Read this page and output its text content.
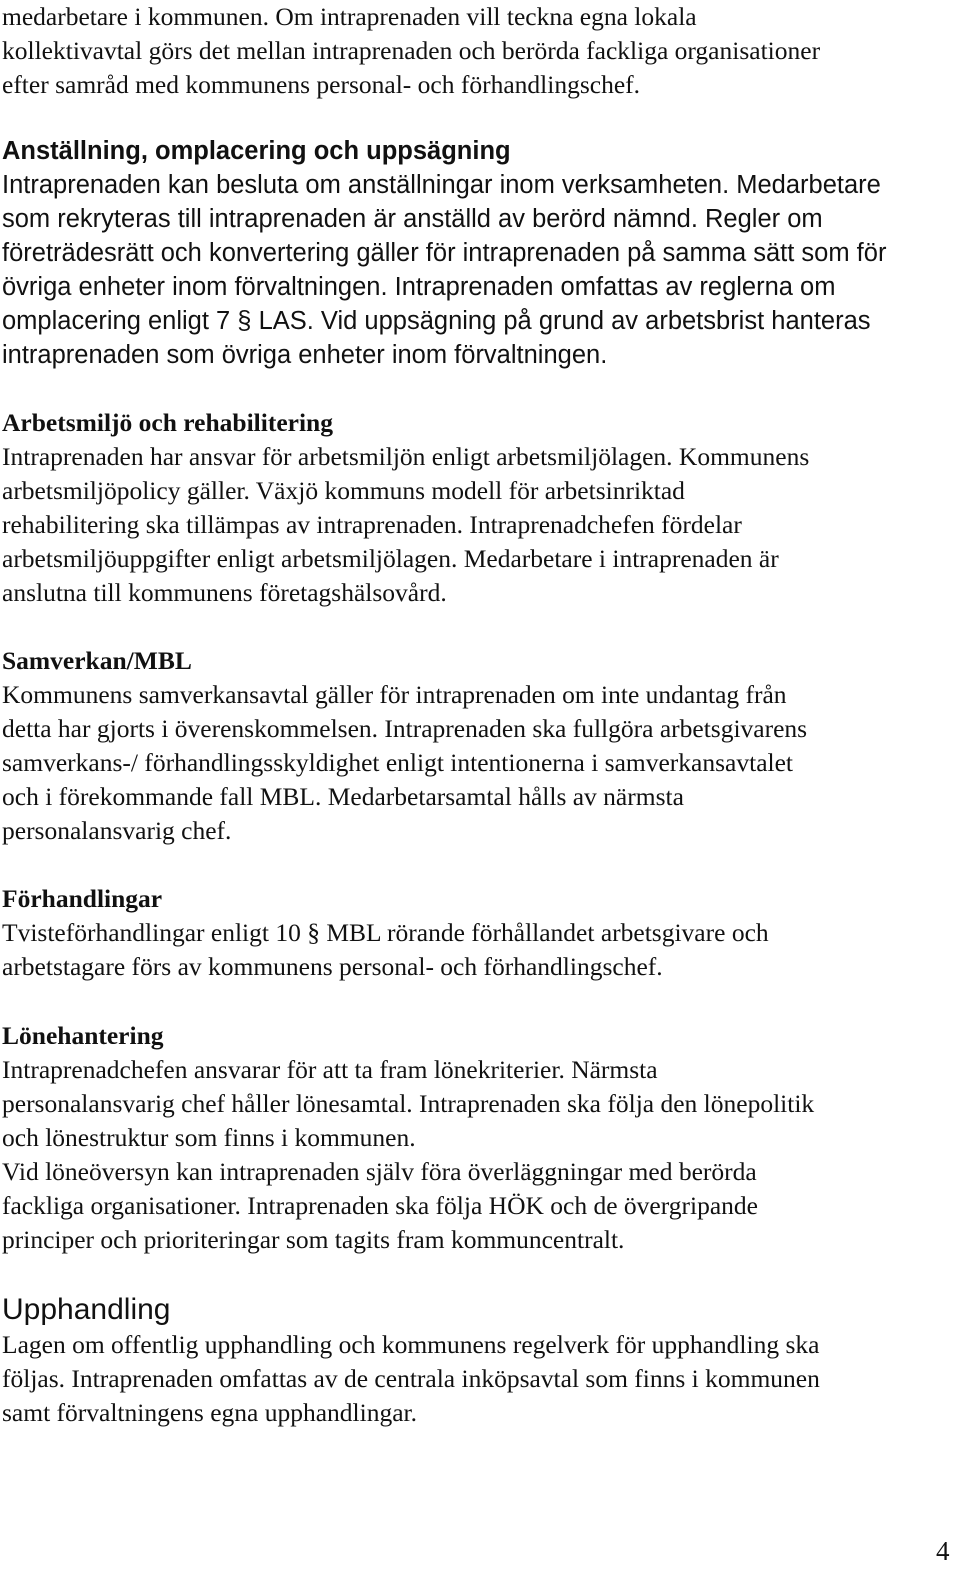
medarbetare i kommunen. Om intraprenaden vill teckna egna lokala
kollektivavtal görs det mellan intraprenaden och berörda fackliga organisationer
efter samråd med kommunens personal- och förhandlingschef.

Anställning, omplacering och uppsägning

Intraprenaden kan besluta om anställningar inom verksamheten. Medarbetare
som rekryteras till intraprenaden är anställd av berörd nämnd. Regler om
företrädesrätt och konvertering gäller för intraprenaden på samma sätt som för
övriga enheter inom förvaltningen. Intraprenaden omfattas av reglerna om
omplacering enligt 7 § LAS. Vid uppsägning på grund av arbetsbrist hanteras
intraprenaden som övriga enheter inom förvaltningen.

Arbetsmiljö och rehabilitering

Intraprenaden har ansvar för arbetsmiljön enligt arbetsmiljölagen. Kommunens
arbetsmiljöpolicy gäller. Växjö kommuns modell för arbetsinriktad
rehabilitering ska tillämpas av intraprenaden. Intraprenadchefen fördelar
arbetsmiljöuppgifter enligt arbetsmiljölagen. Medarbetare i intraprenaden är
anslutna till kommunens företagshälsovård.

Samverkan/MBL

Kommunens samverkansavtal gäller för intraprenaden om inte undantag från
detta har gjorts i överenskommelsen. Intraprenaden ska fullgöra arbetsgivarens
samverkans-/ förhandlingsskyldighet enligt intentionerna i samverkansavtalet
och i förekommande fall MBL. Medarbetarsamtal hålls av närmsta
personalansvarig chef.

Förhandlingar

Tvisteförhandlingar enligt 10 § MBL rörande förhållandet arbetsgivare och
arbetstagare förs av kommunens personal- och förhandlingschef.

Lönehantering

Intraprenadchefen ansvarar för att ta fram lönekriterier. Närmsta
personalansvarig chef håller lönesamtal. Intraprenaden ska följa den lönepolitik
och lönestruktur som finns i kommunen.
Vid löneöversyn kan intraprenaden själv föra överläggningar med berörda
fackliga organisationer. Intraprenaden ska följa HÖK och de övergripande
principer och prioriteringar som tagits fram kommuncentralt.

Upphandling

Lagen om offentlig upphandling och kommunens regelverk för upphandling ska
följas. Intraprenaden omfattas av de centrala inköpsavtal som finns i kommunen
samt förvaltningens egna upphandlingar.

4
